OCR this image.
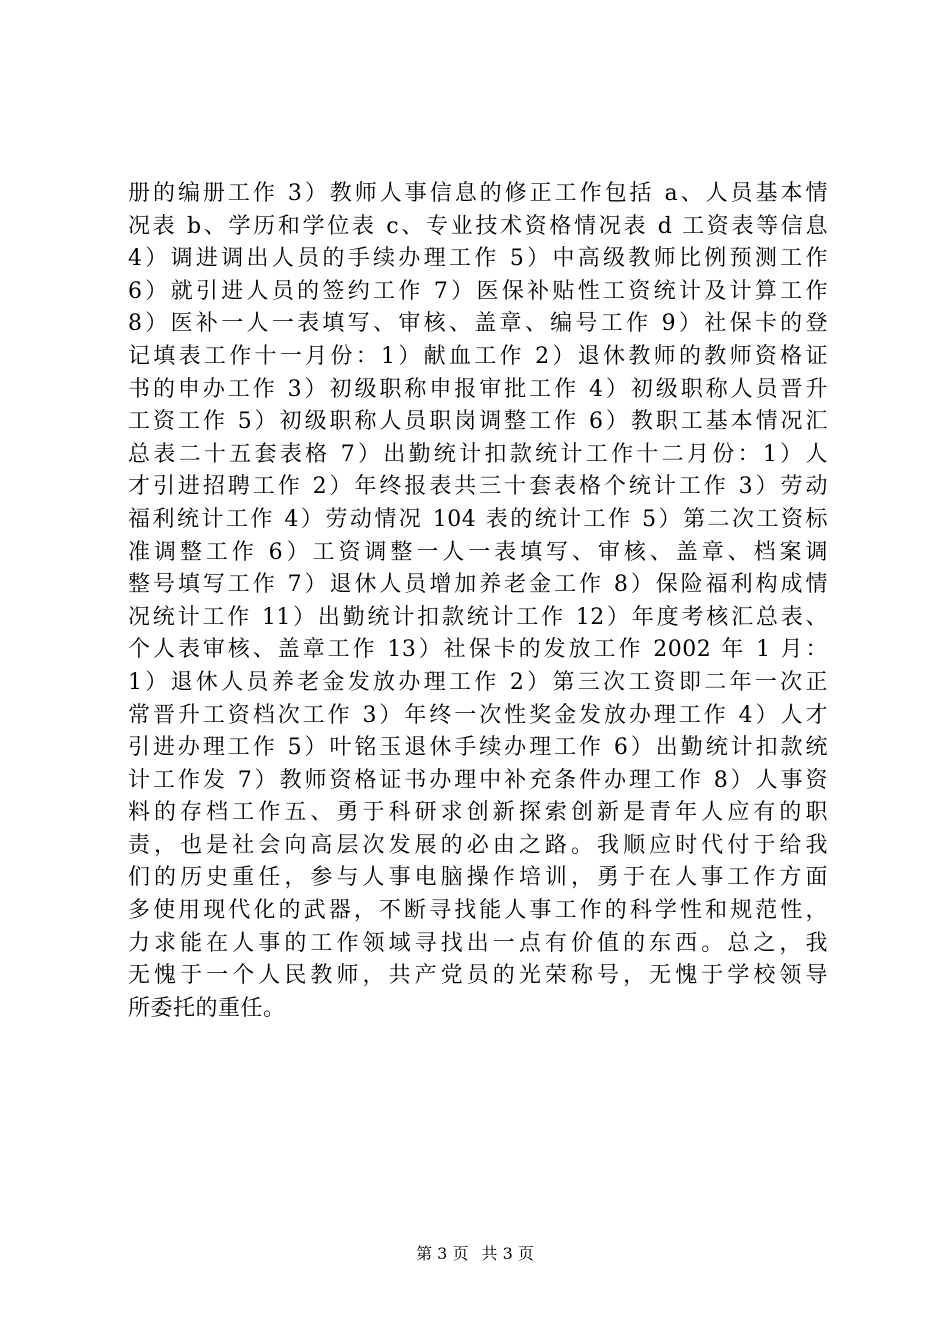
册的编册工作 3）教师人事信息的修正工作包括 a、人员基本情
况表 b、学历和学位表 c、专业技术资格情况表 d 工资表等信息
4）调进调出人员的手续办理工作 5）中高级教师比例预测工作
6）就引进人员的签约工作 7）医保补贴性工资统计及计算工作
8）医补一人一表填写、审核、盖章、编号工作 9）社保卡的登
记填表工作十一月份：1）献血工作 2）退休教师的教师资格证
书的申办工作 3）初级职称申报审批工作 4）初级职称人员晋升
工资工作 5）初级职称人员职岗调整工作 6）教职工基本情况汇
总表二十五套表格 7）出勤统计扣款统计工作十二月份：1）人
才引进招聘工作 2）年终报表共三十套表格个统计工作 3）劳动
福利统计工作 4）劳动情况 104 表的统计工作 5）第二次工资标
准调整工作 6）工资调整一人一表填写、审核、盖章、档案调
整号填写工作 7）退休人员增加养老金工作 8）保险福利构成情
况统计工作 11）出勤统计扣款统计工作 12）年度考核汇总表、
个人表审核、盖章工作 13）社保卡的发放工作 2002 年 1 月：
1）退休人员养老金发放办理工作 2）第三次工资即二年一次正
常晋升工资档次工作 3）年终一次性奖金发放办理工作 4）人才
引进办理工作 5）叶铭玉退休手续办理工作 6）出勤统计扣款统
计工作发 7）教师资格证书办理中补充条件办理工作 8）人事资
料的存档工作五、勇于科研求创新探索创新是青年人应有的职
责，也是社会向高层次发展的必由之路。我顺应时代付于给我
们的历史重任，参与人事电脑操作培训，勇于在人事工作方面
多使用现代化的武器，不断寻找能人事工作的科学性和规范性，
力求能在人事的工作领域寻找出一点有价值的东西。总之，我
无愧于一个人民教师，共产党员的光荣称号，无愧于学校领导
所委托的重任。
第 3 页 共 3 页
